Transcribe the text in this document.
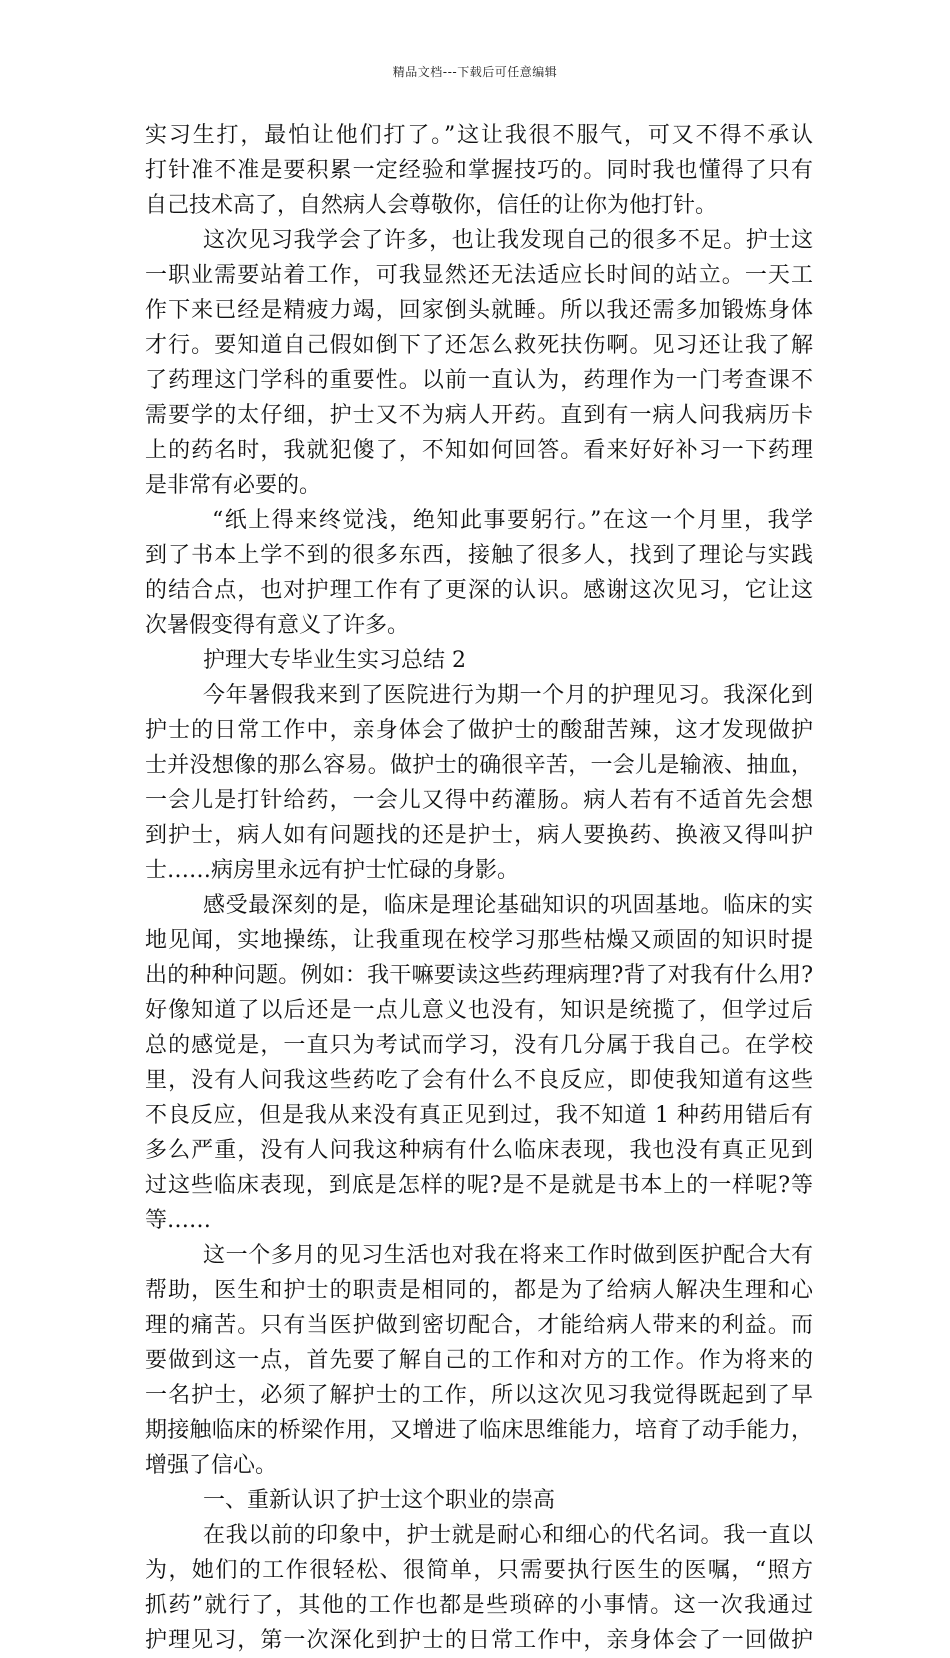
精品文档---下载后可任意编辑
实习生打，最怕让他们打了。”这让我很不服气，可又不得不承认
打针准不准是要积累一定经验和掌握技巧的。同时我也懂得了只有
自己技术高了，自然病人会尊敬你，信任的让你为他打针。
这次见习我学会了许多，也让我发现自己的很多不足。护士这
一职业需要站着工作，可我显然还无法适应长时间的站立。一天工
作下来已经是精疲力竭，回家倒头就睡。所以我还需多加锻炼身体
才行。要知道自己假如倒下了还怎么救死扶伤啊。见习还让我了解
了药理这门学科的重要性。以前一直认为，药理作为一门考查课不
需要学的太仔细，护士又不为病人开药。直到有一病人问我病历卡
上的药名时，我就犯傻了，不知如何回答。看来好好补习一下药理
是非常有必要的。
“纸上得来终觉浅，绝知此事要躬行。”在这一个月里，我学
到了书本上学不到的很多东西，接触了很多人，找到了理论与实践
的结合点，也对护理工作有了更深的认识。感谢这次见习，它让这
次暑假变得有意义了许多。
护理大专毕业生实习总结 2
今年暑假我来到了医院进行为期一个月的护理见习。我深化到
护士的日常工作中，亲身体会了做护士的酸甜苦辣，这才发现做护
士并没想像的那么容易。做护士的确很辛苦，一会儿是输液、抽血，
一会儿是打针给药，一会儿又得中药灌肠。病人若有不适首先会想
到护士，病人如有问题找的还是护士，病人要换药、换液又得叫护
士……病房里永远有护士忙碌的身影。
感受最深刻的是，临床是理论基础知识的巩固基地。临床的实
地见闻，实地操练，让我重现在校学习那些枯燥又顽固的知识时提
出的种种问题。例如：我干嘛要读这些药理病理?背了对我有什么用?
好像知道了以后还是一点儿意义也没有，知识是统揽了，但学过后
总的感觉是，一直只为考试而学习，没有几分属于我自己。在学校
里，没有人问我这些药吃了会有什么不良反应，即使我知道有这些
不良反应，但是我从来没有真正见到过，我不知道 1 种药用错后有
多么严重，没有人问我这种病有什么临床表现，我也没有真正见到
过这些临床表现，到底是怎样的呢?是不是就是书本上的一样呢?等
等……
这一个多月的见习生活也对我在将来工作时做到医护配合大有
帮助，医生和护士的职责是相同的，都是为了给病人解决生理和心
理的痛苦。只有当医护做到密切配合，才能给病人带来的利益。而
要做到这一点，首先要了解自己的工作和对方的工作。作为将来的
一名护士，必须了解护士的工作，所以这次见习我觉得既起到了早
期接触临床的桥梁作用，又增进了临床思维能力，培育了动手能力，
增强了信心。
一、重新认识了护士这个职业的崇高
在我以前的印象中，护士就是耐心和细心的代名词。我一直以
为，她们的工作很轻松、很简单，只需要执行医生的医嘱，“照方
抓药”就行了，其他的工作也都是些琐碎的小事情。这一次我通过
护理见习，第一次深化到护士的日常工作中，亲身体会了一回做护
